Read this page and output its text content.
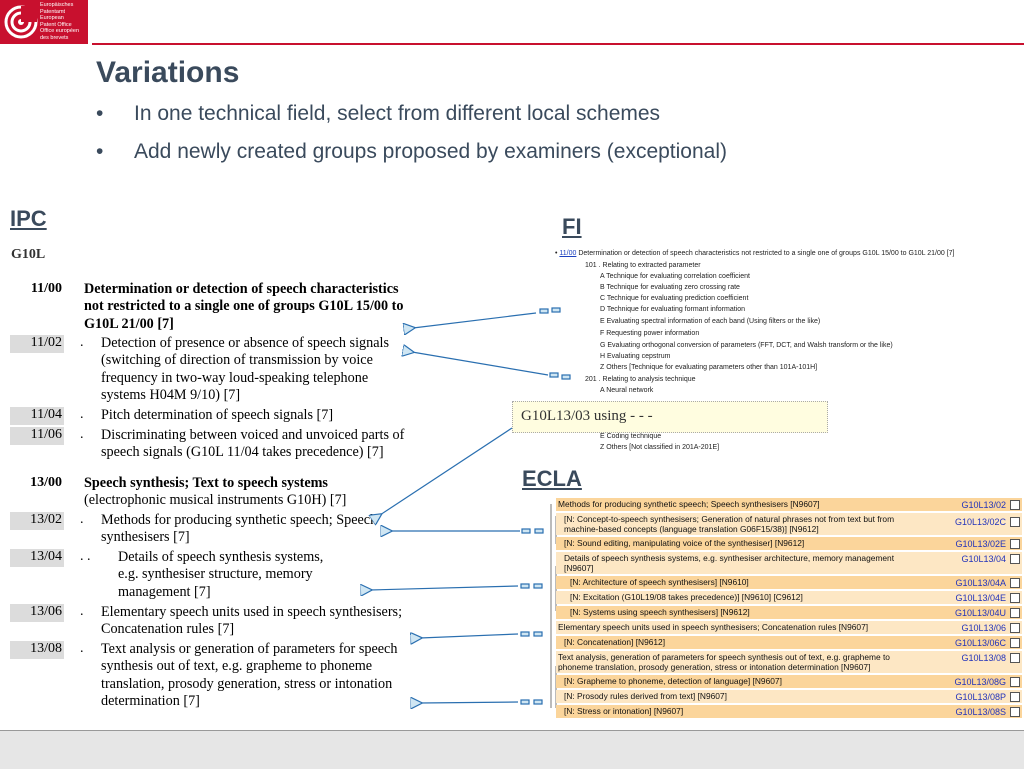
Europäisches
Patentamt
European
Patent Office
Office européen
des brevets
Variations
• In one technical field, select from different local schemes
• Add newly created groups proposed by examiners (exceptional)
IPC
G10L
FI
ECLA
11/00 Determination or detection of speech characteristics
not restricted to a single one of groups G10L 15/00 to
G10L 21/00 [7]
11/02 . Detection of presence or absence of speech signals
(switching of direction of transmission by voice
frequency in two-way loud-speaking telephone
systems H04M 9/10) [7]
11/04 . Pitch determination of speech signals [7]
11/06 . Discriminating between voiced and unvoiced parts of
speech signals (G10L 11/04 takes precedence) [7]
13/00 Speech synthesis; Text to speech systems
(electrophonic musical instruments G10H) [7]
13/02 . Methods for producing synthetic speech; Speech
synthesisers [7]
13/04 . . Details of speech synthesis systems,
e.g. synthesiser structure, memory
management [7]
13/06 . Elementary speech units used in speech synthesisers;
Concatenation rules [7]
13/08 . Text analysis or generation of parameters for speech
synthesis out of text, e.g. grapheme to phoneme
translation, prosody generation, stress or intonation
determination [7]
• 11/00 Determination or detection of speech characteristics not restricted to a single one of groups G10L 15/00 to G10L 21/00 [7]
101 . Relating to extracted parameter
A Technique for evaluating correlation coefficient
B Technique for evaluating zero crossing rate
C Technique for evaluating prediction coefficient
D Technique for evaluating formant information
E Evaluating spectral information of each band (Using filters or the like)
F Requesting power information
G Evaluating orthogonal conversion of parameters (FFT, DCT, and Walsh transform or the like)
H Evaluating cepstrum
Z Others [Technique for evaluating parameters other than 101A-101H]
201 . Relating to analysis technique
A Neural network
E Coding technique
Z Others [Not classified in 201A-201E]
G10L13/03 using - - -
Methods for producing synthetic speech; Speech synthesisers [N9607]	G10L13/02
[N: Concept-to-speech synthesisers; Generation of natural phrases not from text but from
machine-based concepts (language translation G06F15/38)] [N9612]
G10L13/02C
[N: Sound editing, manipulating voice of the synthesiser] [N9612]	G10L13/02E
Details of speech synthesis systems, e.g. synthesiser architecture, memory management
[N9607]
G10L13/04
[N: Architecture of speech synthesisers] [N9610]	G10L13/04A
[N: Excitation (G10L19/08 takes precedence)] [N9610] [C9612]	G10L13/04E
[N: Systems using speech synthesisers] [N9612]	G10L13/04U
Elementary speech units used in speech synthesisers; Concatenation rules [N9607]	G10L13/06
[N: Concatenation] [N9612]	G10L13/06C
Text analysis, generation of parameters for speech synthesis out of text, e.g. grapheme to
phoneme translation, prosody generation, stress or intonation determination [N9607]
G10L13/08
[N: Grapheme to phoneme, detection of language] [N9607]	G10L13/08G
[N: Prosody rules derived from text] [N9607]	G10L13/08P
[N: Stress or intonation] [N9607]	G10L13/08S
